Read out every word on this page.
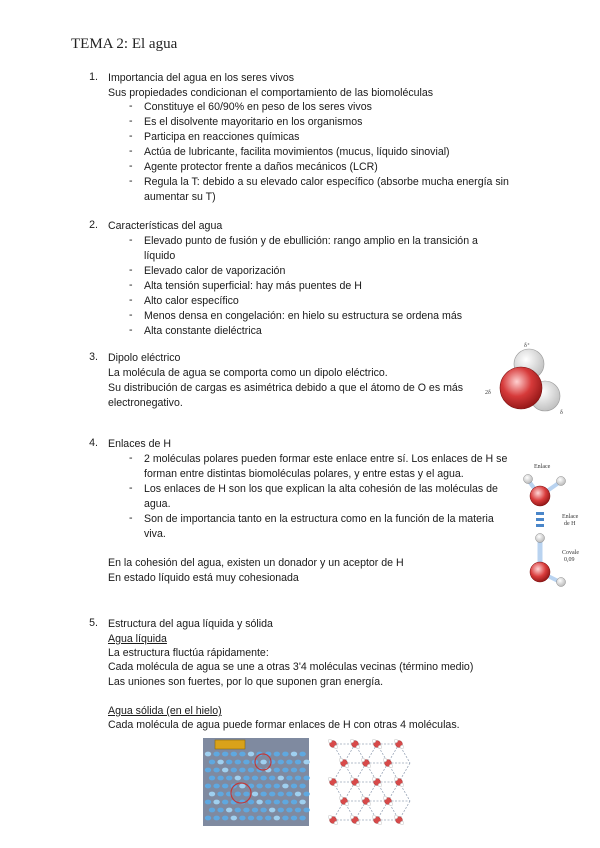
TEMA 2: El agua
1. Importancia del agua en los seres vivos
Sus propiedades condicionan el comportamiento de las biomoléculas
- Constituye el 60/90% en peso de los seres vivos
- Es el disolvente mayoritario en los organismos
- Participa en reacciones químicas
- Actúa de lubricante, facilita movimientos (mucus, líquido sinovial)
- Agente protector frente a daños mecánicos (LCR)
- Regula la T: debido a su elevado calor específico (absorbe mucha energía sin
aumentar su T)
2. Características del agua
- Elevado punto de fusión y de ebullición: rango amplio en la transición a
líquido
- Elevado calor de vaporización
- Alta tensión superficial: hay más puentes de H
- Alto calor específico
- Menos densa en congelación: en hielo su estructura se ordena más
- Alta constante dieléctrica
3. Dipolo eléctrico
La molécula de agua se comporta como un dipolo eléctrico.
Su distribución de cargas es asimétrica debido a que el átomo de O es más
electronegativo.
δ⁺
2δ
δ
4. Enlaces de H
- 2 moléculas polares pueden formar este enlace entre sí. Los enlaces de H se
forman entre distintas biomoléculas polares, y entre estas y el agua.
- Los enlaces de H son los que explican la alta cohesión de las moléculas de
agua.
- Son de importancia tanto en la estructura como en la función de la materia
viva.
En la cohesión del agua, existen un donador y un aceptor de H
En estado líquido está muy cohesionada
Enlace
Enlace
de H
Covale
0,09
5. Estructura del agua líquida y sólida
Agua líquida
La estructura fluctúa rápidamente:
Cada molécula de agua se une a otras 3'4 moléculas vecinas (término medio)
Las uniones son fuertes, por lo que suponen gran energía.
Agua sólida (en el hielo)
Cada molécula de agua puede formar enlaces de H con otras 4 moléculas.
